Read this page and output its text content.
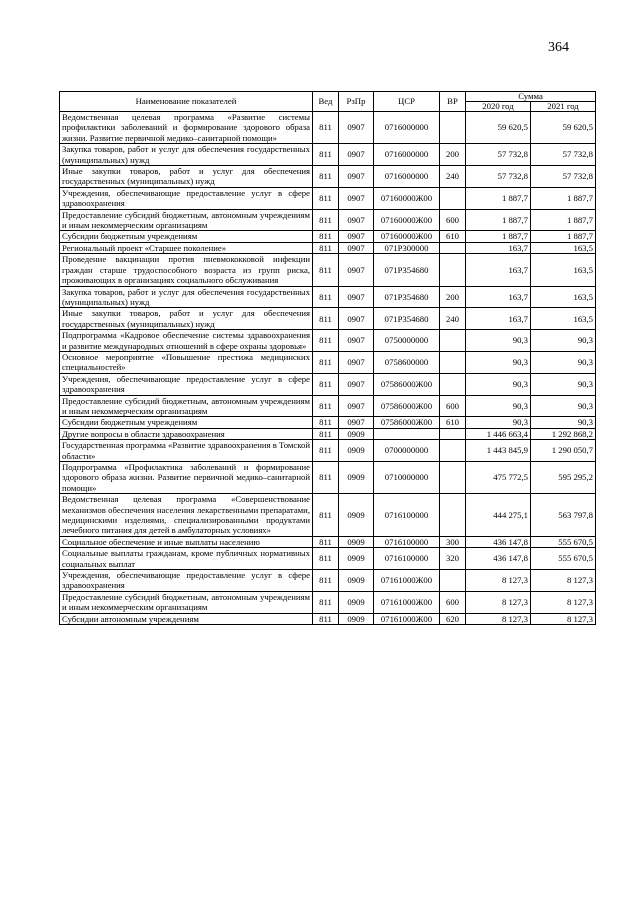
364
Наименование показателей	Вед	РзПр	ЦСР	ВР	Сумма	
					2020 год	2021 год
Ведомственная целевая программа «Развитие системы профилактики заболеваний и формирование здорового образа жизни. Развитие первичной медико–санитарной помощи»	811	0907	0716000000		59 620,5	59 620,5
Закупка товаров, работ и услуг для обеспечения государственных (муниципальных) нужд	811	0907	0716000000	200	57 732,8	57 732,8
Иные закупки товаров, работ и услуг для обеспечения государственных (муниципальных) нужд	811	0907	0716000000	240	57 732,8	57 732,8
Учреждения, обеспечивающие предоставление услуг в сфере здравоохранения	811	0907	07160000Ж00		1 887,7	1 887,7
Предоставление субсидий бюджетным, автономным учреждениям и иным некоммерческим организациям	811	0907	07160000Ж00	600	1 887,7	1 887,7
Субсидии бюджетным учреждениям	811	0907	07160000Ж00	610	1 887,7	1 887,7
Региональный проект «Старшее поколение»	811	0907	071P300000		163,7	163,5
Проведение вакцинации против пневмококковой инфекции граждан старше трудоспособного возраста из групп риска, проживающих в организациях социального обслуживания	811	0907	071P354680		163,7	163,5
Закупка товаров, работ и услуг для обеспечения государственных (муниципальных) нужд	811	0907	071P354680	200	163,7	163,5
Иные закупки товаров, работ и услуг для обеспечения государственных (муниципальных) нужд	811	0907	071P354680	240	163,7	163,5
Подпрограмма «Кадровое обеспечение системы здравоохранения и развитие международных отношений в сфере охраны здоровья»	811	0907	0750000000		90,3	90,3
Основное мероприятие «Повышение престижа медицинских специальностей»	811	0907	0758600000		90,3	90,3
Учреждения, обеспечивающие предоставление услуг в сфере здравоохранения	811	0907	07586000Ж00		90,3	90,3
Предоставление субсидий бюджетным, автономным учреждениям и иным некоммерческим организациям	811	0907	07586000Ж00	600	90,3	90,3
Субсидии бюджетным учреждениям	811	0907	07586000Ж00	610	90,3	90,3
Другие вопросы в области здравоохранения	811	0909			1 446 663,4	1 292 868,2
Государственная программа «Развитие здравоохранения в Томской области»	811	0909	0700000000		1 443 845,9	1 290 050,7
Подпрограмма «Профилактика заболеваний и формирование здорового образа жизни. Развитие первичной медико–санитарной помощи»	811	0909	0710000000		475 772,5	595 295,2
Ведомственная целевая программа «Совершенствование механизмов обеспечения населения лекарственными препаратами, медицинскими изделиями, специализированными продуктами лечебного питания для детей в амбулаторных условиях»	811	0909	0716100000		444 275,1	563 797,8
Социальное обеспечение и иные выплаты населению	811	0909	0716100000	300	436 147,8	555 670,5
Социальные выплаты гражданам, кроме публичных нормативных социальных выплат	811	0909	0716100000	320	436 147,8	555 670,5
Учреждения, обеспечивающие предоставление услуг в сфере здравоохранения	811	0909	07161000Ж00		8 127,3	8 127,3
Предоставление субсидий бюджетным, автономным учреждениям и иным некоммерческим организациям	811	0909	07161000Ж00	600	8 127,3	8 127,3
Субсидии автономным учреждениям	811	0909	07161000Ж00	620	8 127,3	8 127,3
